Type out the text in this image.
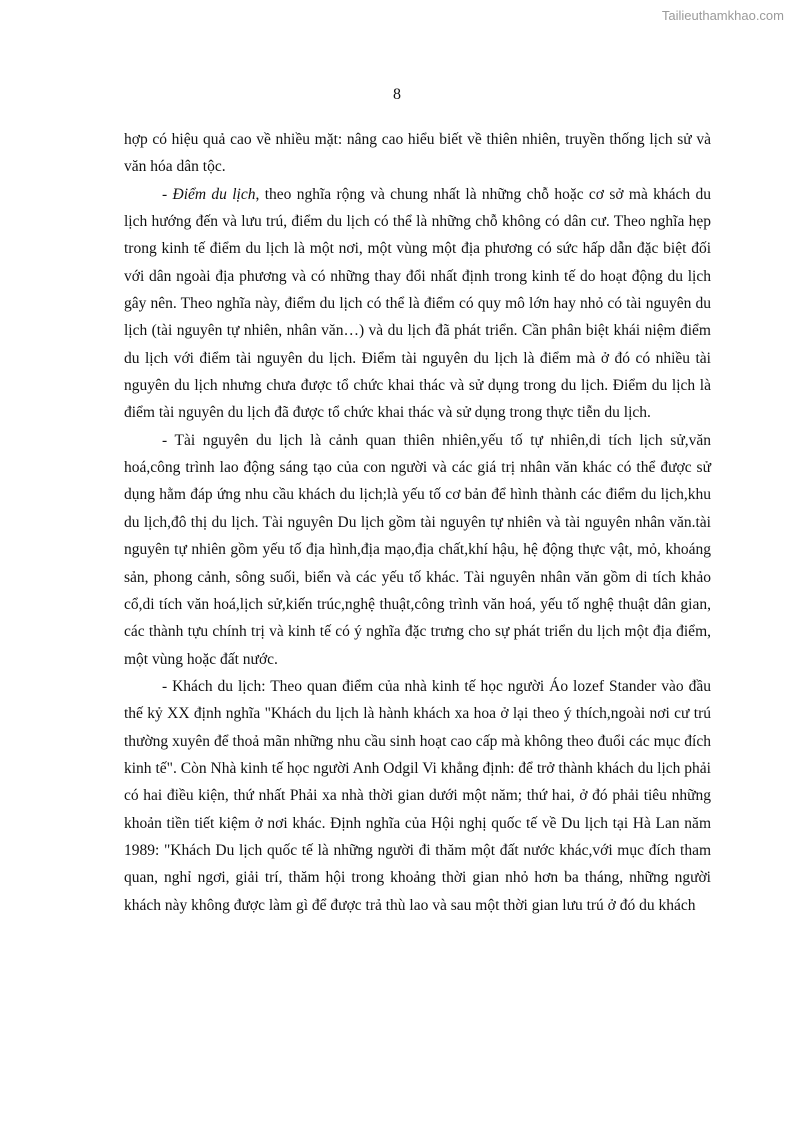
Tailieuthamkhao.com
8

hợp có hiệu quả cao về nhiều mặt: nâng cao hiểu biết về thiên nhiên, truyền thống lịch sử và văn hóa dân tộc.

- Điểm du lịch, theo nghĩa rộng và chung nhất là những chỗ hoặc cơ sở mà khách du lịch hướng đến và lưu trú, điểm du lịch có thể là những chỗ không có dân cư. Theo nghĩa hẹp trong kinh tế điểm du lịch là một nơi, một vùng một địa phương có sức hấp dẫn đặc biệt đối với dân ngoài địa phương và có những thay đổi nhất định trong kinh tế do hoạt động du lịch gây nên. Theo nghĩa này, điểm du lịch có thể là điểm có quy mô lớn hay nhỏ có tài nguyên du lịch (tài nguyên tự nhiên, nhân văn…) và du lịch đã phát triển. Cần phân biệt khái niệm điểm du lịch với điểm tài nguyên du lịch. Điểm tài nguyên du lịch là điểm mà ở đó có nhiều tài nguyên du lịch nhưng chưa được tổ chức khai thác và sử dụng trong du lịch. Điểm du lịch là điểm tài nguyên du lịch đã được tổ chức khai thác và sử dụng trong thực tiễn du lịch.

- Tài nguyên du lịch là cảnh quan thiên nhiên,yếu tố tự nhiên,di tích lịch sử,văn hoá,công trình lao động sáng tạo của con người và các giá trị nhân văn khác có thể được sử dụng hằm đáp ứng nhu cầu khách du lịch;là yếu tố cơ bản để hình thành các điểm du lịch,khu du lịch,đô thị du lịch. Tài nguyên Du lịch gồm tài nguyên tự nhiên và tài nguyên nhân văn.tài nguyên tự nhiên gồm yếu tố địa hình,địa mạo,địa chất,khí hậu, hệ động thực vật, mỏ, khoáng sản, phong cảnh, sông suối, biển và các yếu tố khác. Tài nguyên nhân văn gồm di tích khảo cổ,di tích văn hoá,lịch sử,kiến trúc,nghệ thuật,công trình văn hoá, yếu tố nghệ thuật dân gian, các thành tựu chính trị và kinh tế có ý nghĩa đặc trưng cho sự phát triển du lịch một địa điểm, một vùng hoặc đất nước.

- Khách du lịch: Theo quan điểm của nhà kinh tế học người Áo lozef Stander vào đầu thế kỷ XX định nghĩa "Khách du lịch là hành khách xa hoa ở lại theo ý thích,ngoài nơi cư trú thường xuyên để thoả mãn những nhu cầu sinh hoạt cao cấp mà không theo đuổi các mục đích kinh tế". Còn Nhà kinh tế học người Anh Odgil Vi khẳng định: để trở thành khách du lịch phải có hai điều kiện, thứ nhất Phải xa nhà thời gian dưới một năm; thứ hai, ở đó phải tiêu những khoản tiền tiết kiệm ở nơi khác. Định nghĩa của Hội nghị quốc tế về Du lịch tại Hà Lan năm 1989: "Khách Du lịch quốc tế là những người đi thăm một đất nước khác,với mục đích tham quan, nghỉ ngơi, giải trí, thăm hội trong khoảng thời gian nhỏ hơn ba tháng, những người khách này không được làm gì để được trả thù lao và sau một thời gian lưu trú ở đó du khách
